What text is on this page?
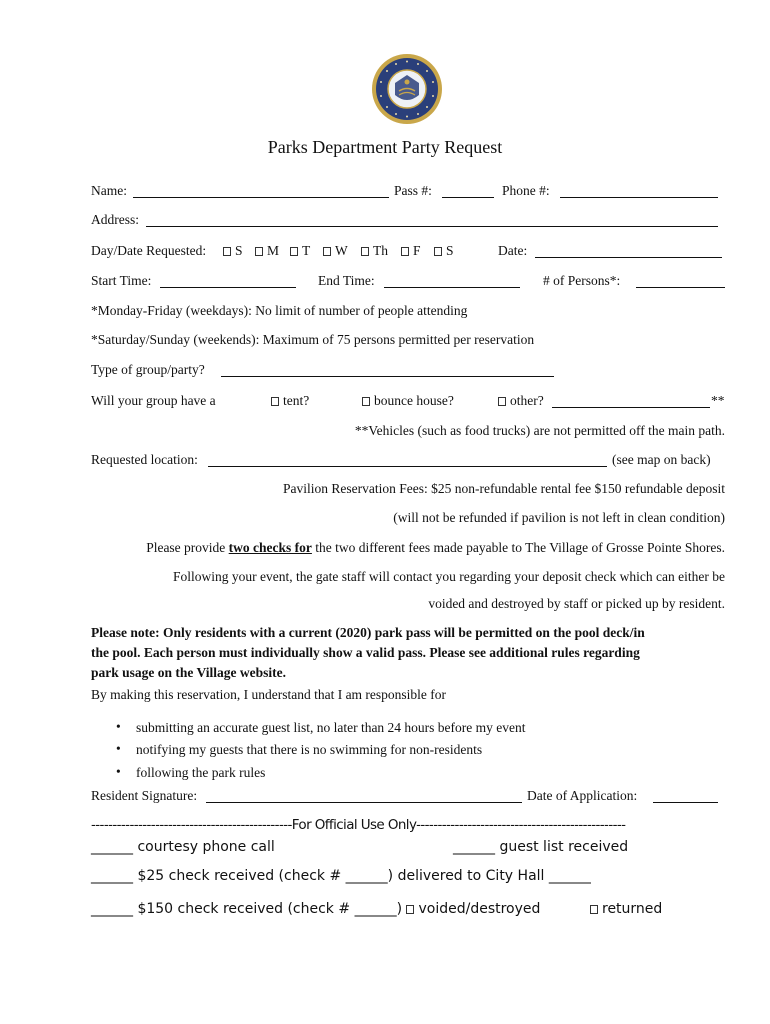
Parks Department Party Request
Name:	Pass #:	Phone #:
Address:
Day/Date Requested:	S	M	T	W	Th	F	S	Date:
Start Time:	End Time:	# of Persons*:
*Monday-Friday (weekdays): No limit of number of people attending
*Saturday/Sunday (weekends): Maximum of 75 persons permitted per reservation
Type of group/party?
Will your group have a	tent?	bounce house?	other?	**
**Vehicles (such as food trucks) are not permitted off the main path.
Requested location:	(see map on back)
Pavilion Reservation Fees: $25 non-refundable rental fee $150 refundable deposit
(will not be refunded if pavilion is not left in clean condition)
Please provide two checks for the two different fees made payable to The Village of Grosse Pointe Shores.
Following your event, the gate staff will contact you regarding your deposit check which can either be
voided and destroyed by staff or picked up by resident.
Please note: Only residents with a current (2020) park pass will be permitted on the pool deck/in
the pool. Each person must individually show a valid pass. Please see additional rules regarding
park usage on the Village website.
By making this reservation, I understand that I am responsible for
• submitting an accurate guest list, no later than 24 hours before my event
• notifying my guests that there is no swimming for non-residents
• following the park rules
Resident Signature:	Date of Application:
-----------------------------------------------For Official Use Only-------------------------------------------------
______ courtesy phone call	______ guest list received
______ $25 check received (check # ______) delivered to City Hall ______
______ $150 check received (check # ______) voided/destroyed	returned
